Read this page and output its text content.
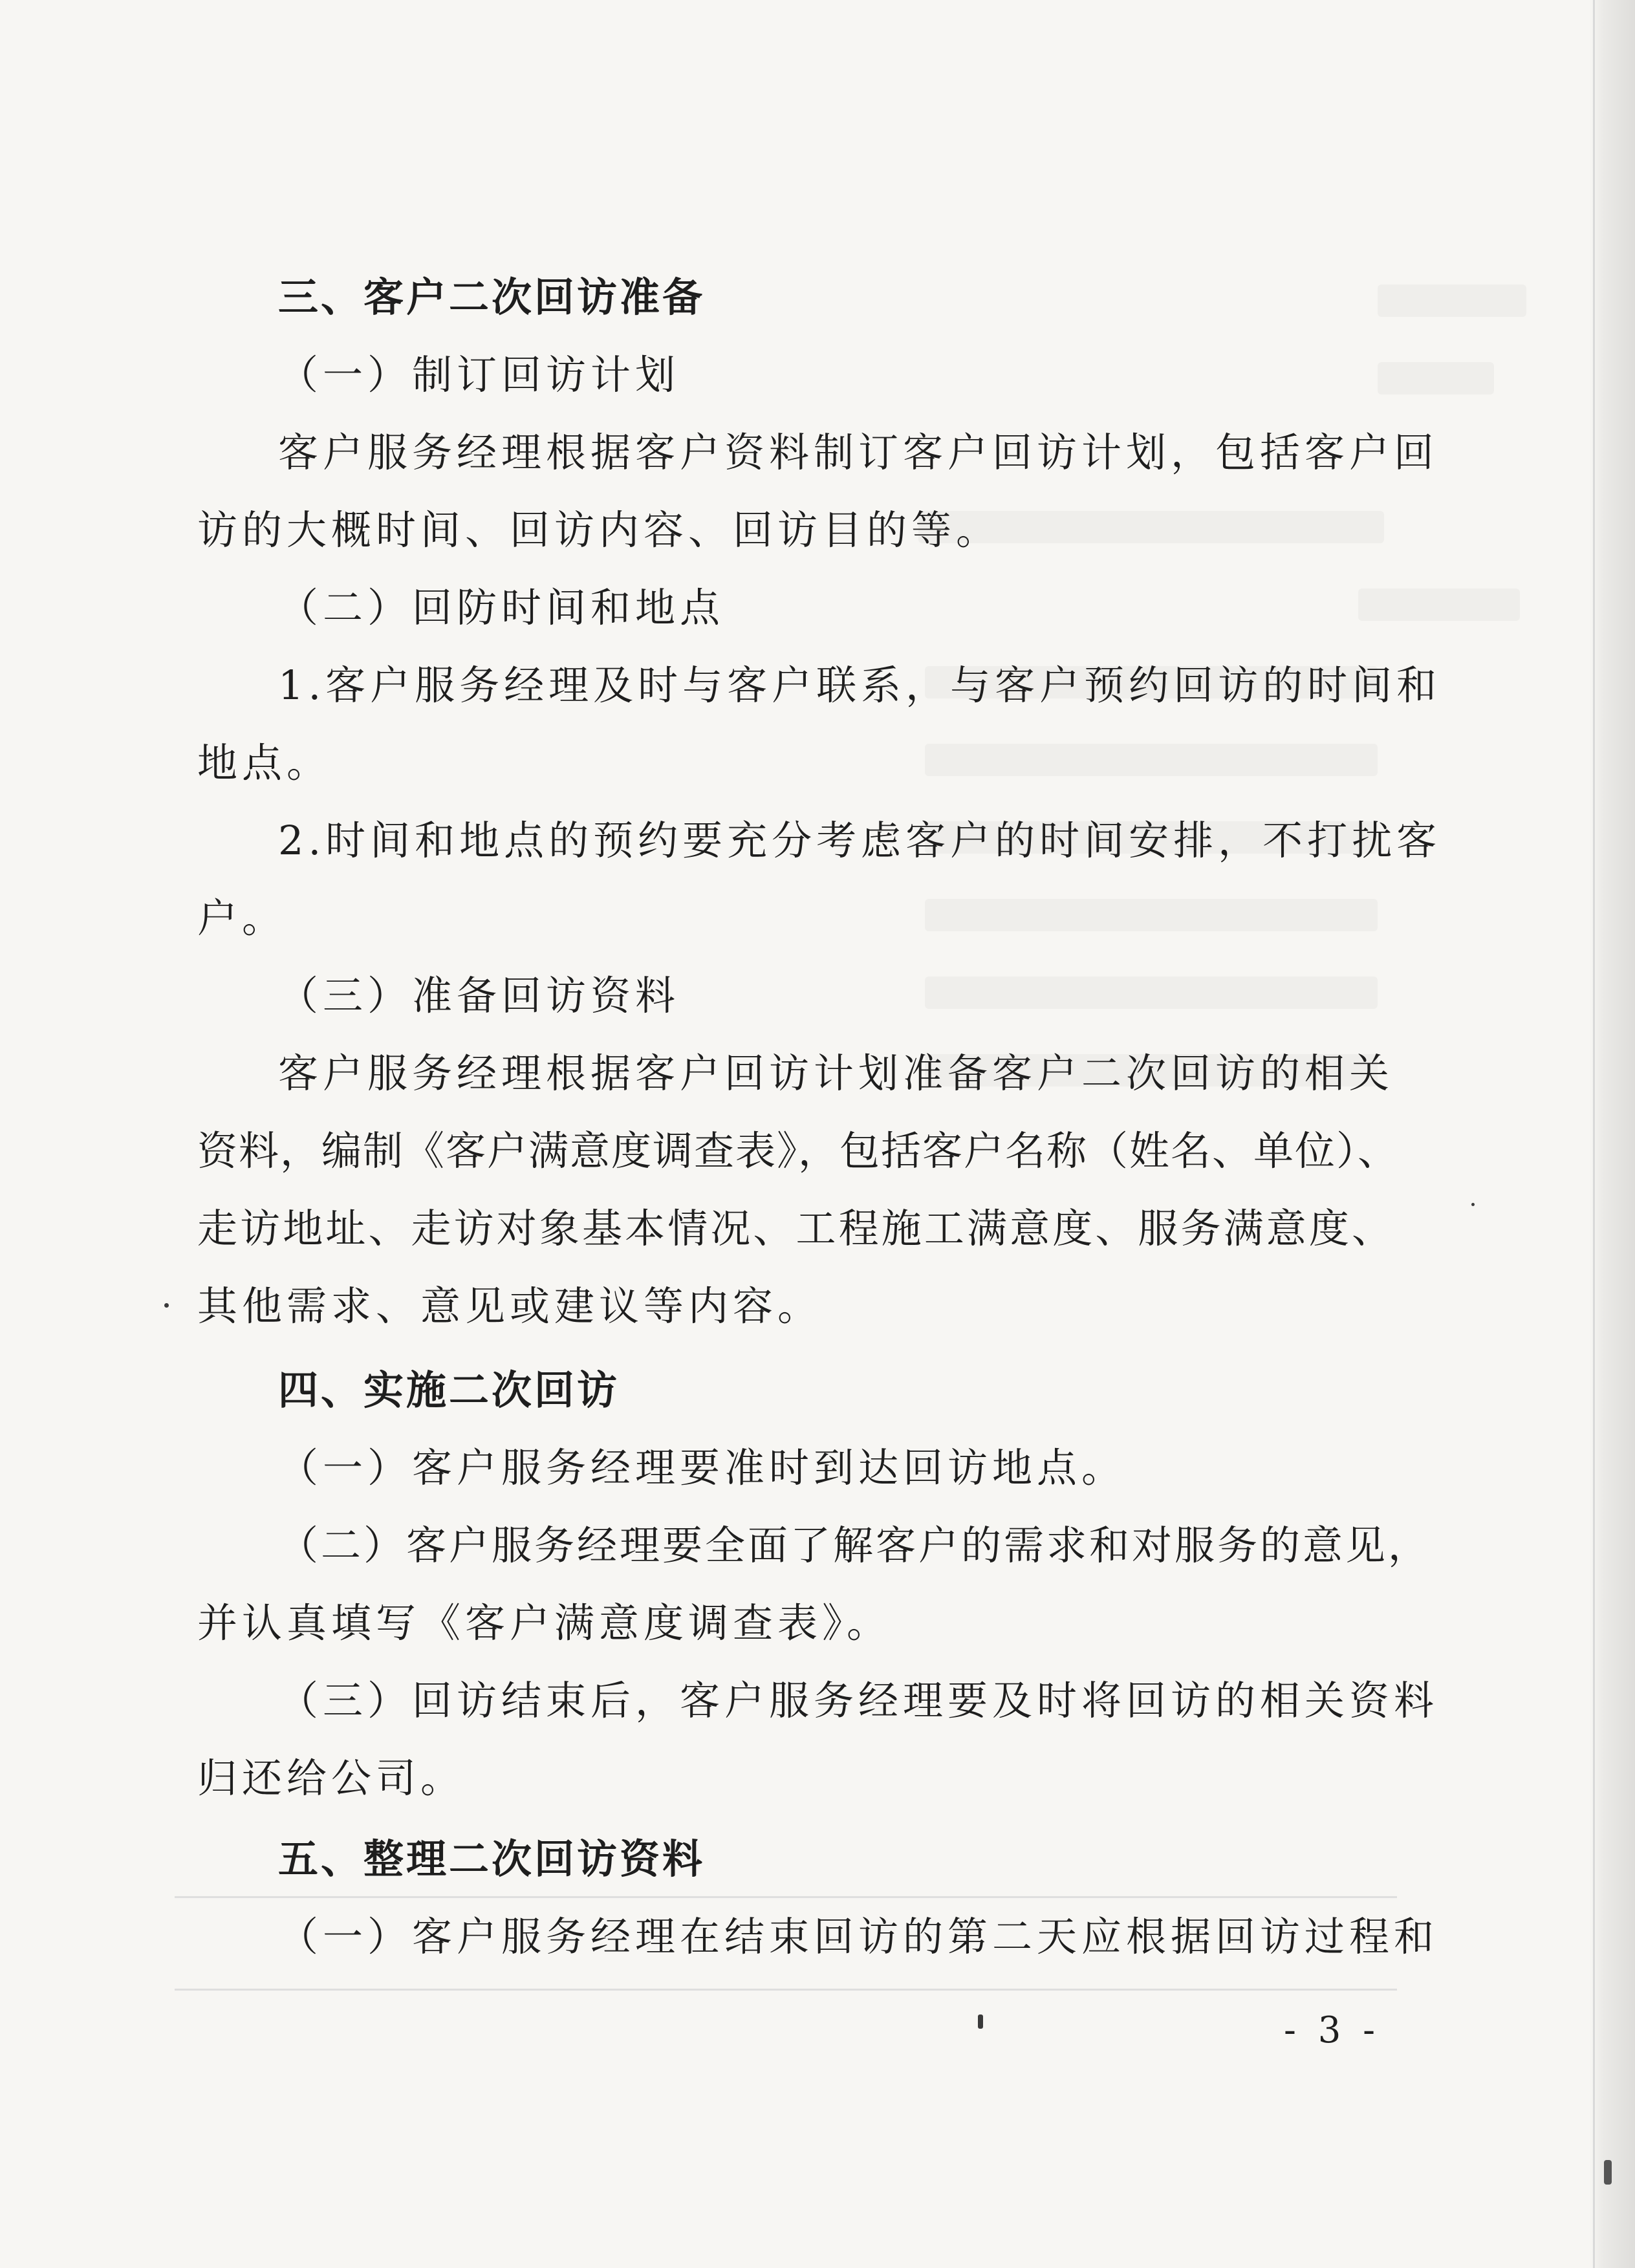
三、客户二次回访准备
（一）制订回访计划
客户服务经理根据客户资料制订客户回访计划，包括客户回
访的大概时间、回访内容、回访目的等。
（二）回防时间和地点
1.客户服务经理及时与客户联系，与客户预约回访的时间和
地点。
2.时间和地点的预约要充分考虑客户的时间安排，不打扰客
户。
（三）准备回访资料
客户服务经理根据客户回访计划准备客户二次回访的相关
资料，编制《客户满意度调查表》，包括客户名称（姓名、单位）、
走访地址、走访对象基本情况、工程施工满意度、服务满意度、
其他需求、意见或建议等内容。
四、实施二次回访
（一）客户服务经理要准时到达回访地点。
（二）客户服务经理要全面了解客户的需求和对服务的意见，
并认真填写《客户满意度调查表》。
（三）回访结束后，客户服务经理要及时将回访的相关资料
归还给公司。
五、整理二次回访资料
（一）客户服务经理在结束回访的第二天应根据回访过程和
- 3 -
